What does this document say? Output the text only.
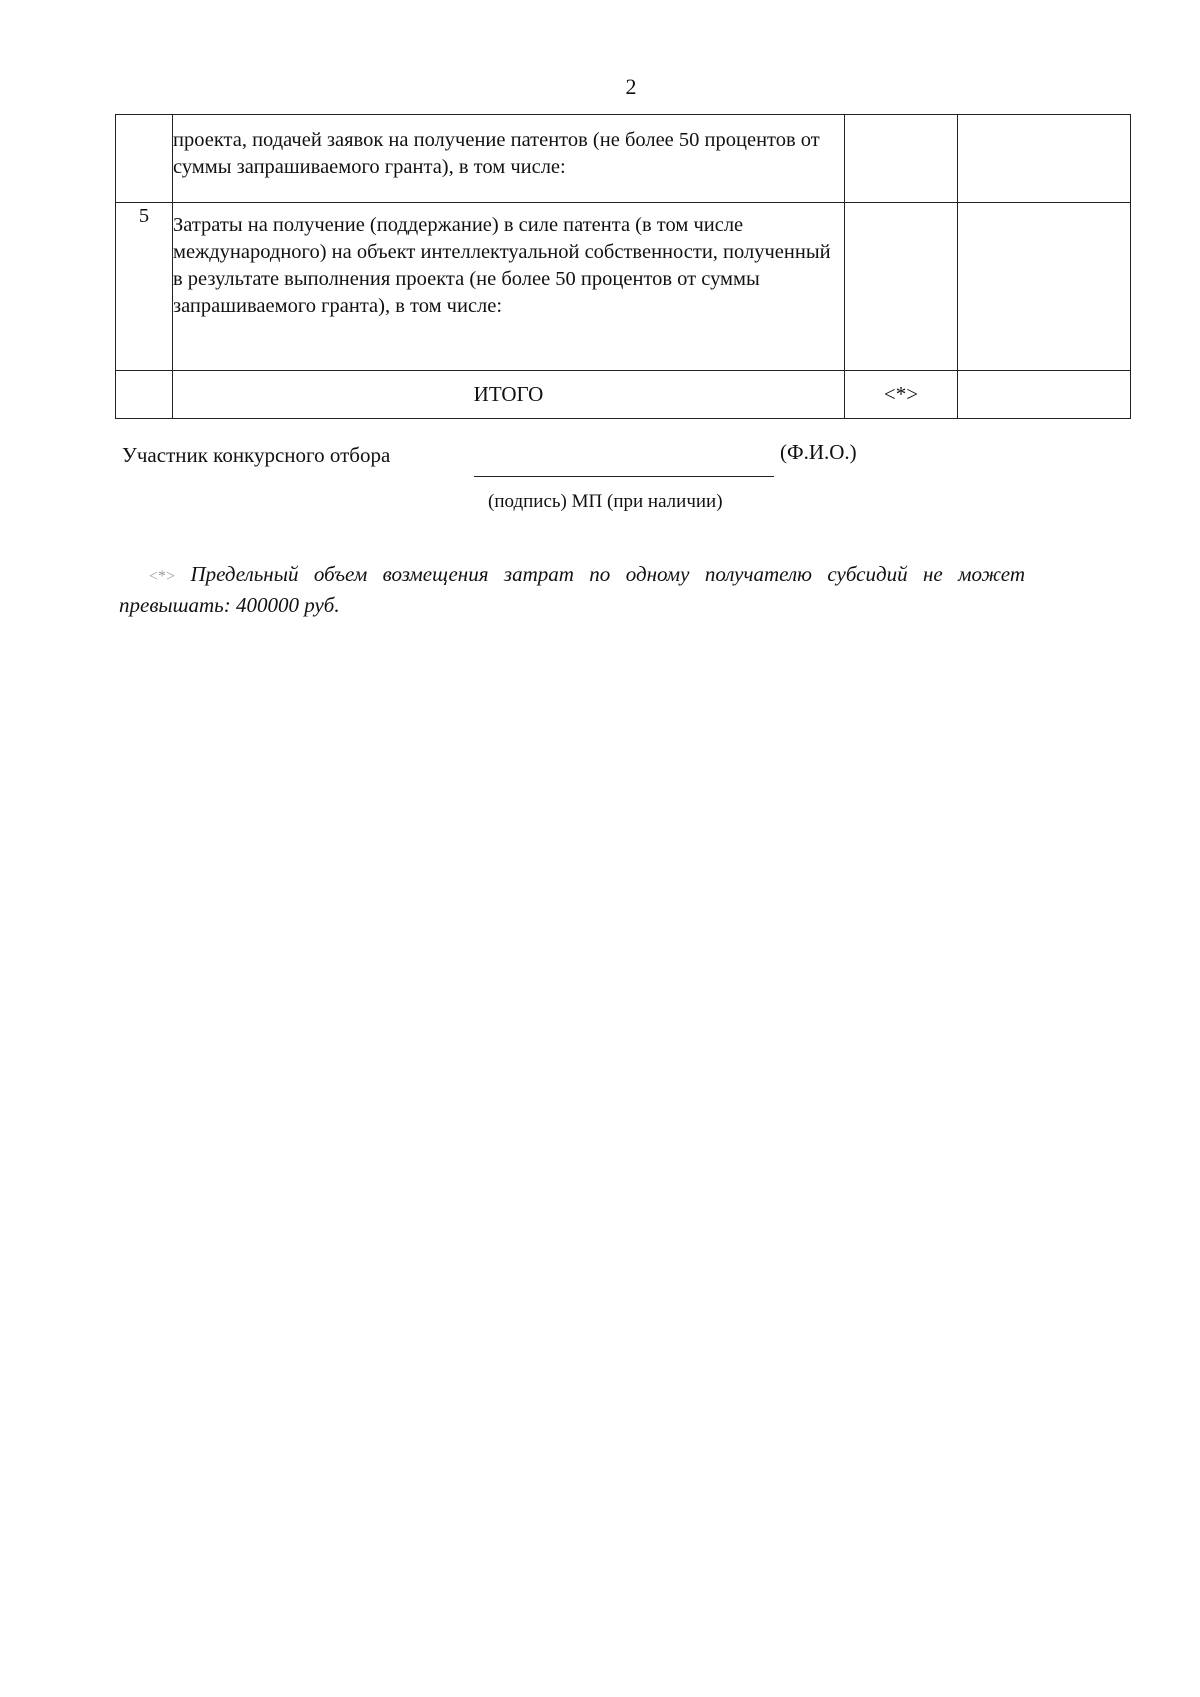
2
	проекта, подачей заявок на получение патентов (не более 50 процентов от суммы запрашиваемого гранта), в том числе:		
5	Затраты на получение (поддержание) в силе патента (в том числе международного) на объект интеллектуальной собственности, полученный в результате выполнения проекта (не более 50 процентов от суммы запрашиваемого гранта), в том числе:		
	ИТОГО	<*>	
Участник конкурсного отбора	(Ф.И.О.)
(подпись) МП (при наличии)

<*> Предельный объем возмещения затрат по одному получателю субсидий не может превышать: 400000 руб.
